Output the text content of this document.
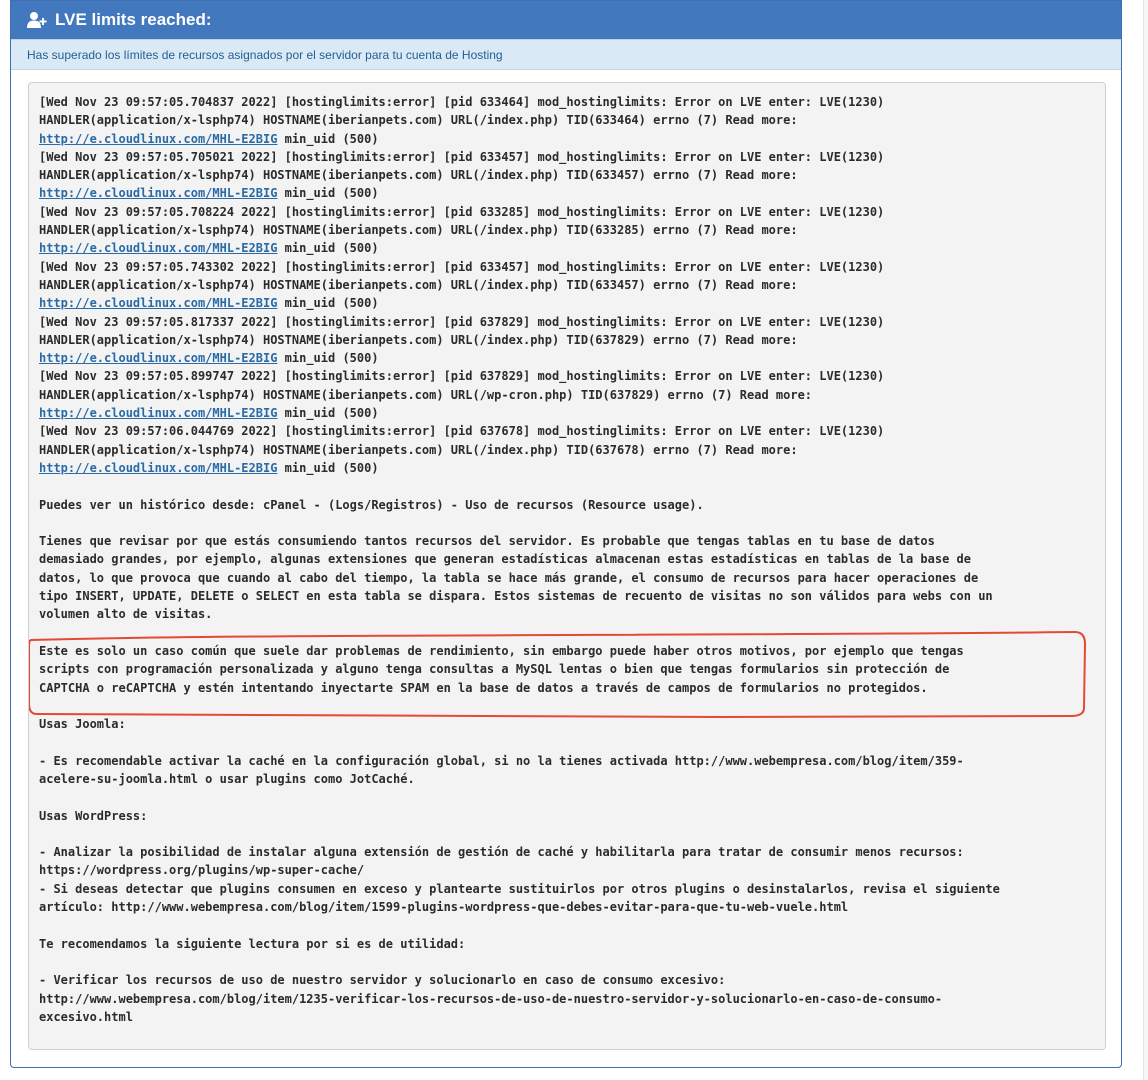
LVE limits reached:
Has superado los límites de recursos asignados por el servidor para tu cuenta de Hosting
[Wed Nov 23 09:57:05.704837 2022] [hostinglimits:error] [pid 633464] mod_hostinglimits: Error on LVE enter: LVE(1230)
HANDLER(application/x-lsphp74) HOSTNAME(iberianpets.com) URL(/index.php) TID(633464) errno (7) Read more:
http://e.cloudlinux.com/MHL-E2BIG min_uid (500)
[Wed Nov 23 09:57:05.705021 2022] [hostinglimits:error] [pid 633457] mod_hostinglimits: Error on LVE enter: LVE(1230)
HANDLER(application/x-lsphp74) HOSTNAME(iberianpets.com) URL(/index.php) TID(633457) errno (7) Read more:
http://e.cloudlinux.com/MHL-E2BIG min_uid (500)
[Wed Nov 23 09:57:05.708224 2022] [hostinglimits:error] [pid 633285] mod_hostinglimits: Error on LVE enter: LVE(1230)
HANDLER(application/x-lsphp74) HOSTNAME(iberianpets.com) URL(/index.php) TID(633285) errno (7) Read more:
http://e.cloudlinux.com/MHL-E2BIG min_uid (500)
[Wed Nov 23 09:57:05.743302 2022] [hostinglimits:error] [pid 633457] mod_hostinglimits: Error on LVE enter: LVE(1230)
HANDLER(application/x-lsphp74) HOSTNAME(iberianpets.com) URL(/index.php) TID(633457) errno (7) Read more:
http://e.cloudlinux.com/MHL-E2BIG min_uid (500)
[Wed Nov 23 09:57:05.817337 2022] [hostinglimits:error] [pid 637829] mod_hostinglimits: Error on LVE enter: LVE(1230)
HANDLER(application/x-lsphp74) HOSTNAME(iberianpets.com) URL(/index.php) TID(637829) errno (7) Read more:
http://e.cloudlinux.com/MHL-E2BIG min_uid (500)
[Wed Nov 23 09:57:05.899747 2022] [hostinglimits:error] [pid 637829] mod_hostinglimits: Error on LVE enter: LVE(1230)
HANDLER(application/x-lsphp74) HOSTNAME(iberianpets.com) URL(/wp-cron.php) TID(637829) errno (7) Read more:
http://e.cloudlinux.com/MHL-E2BIG min_uid (500)
[Wed Nov 23 09:57:06.044769 2022] [hostinglimits:error] [pid 637678] mod_hostinglimits: Error on LVE enter: LVE(1230)
HANDLER(application/x-lsphp74) HOSTNAME(iberianpets.com) URL(/index.php) TID(637678) errno (7) Read more:
http://e.cloudlinux.com/MHL-E2BIG min_uid (500)

Puedes ver un histórico desde: cPanel - (Logs/Registros) - Uso de recursos (Resource usage).

Tienes que revisar por que estás consumiendo tantos recursos del servidor. Es probable que tengas tablas en tu base de datos
demasiado grandes, por ejemplo, algunas extensiones que generan estadísticas almacenan estas estadísticas en tablas de la base de
datos, lo que provoca que cuando al cabo del tiempo, la tabla se hace más grande, el consumo de recursos para hacer operaciones de
tipo INSERT, UPDATE, DELETE o SELECT en esta tabla se dispara. Estos sistemas de recuento de visitas no son válidos para webs con un
volumen alto de visitas.

Este es solo un caso común que suele dar problemas de rendimiento, sin embargo puede haber otros motivos, por ejemplo que tengas
scripts con programación personalizada y alguno tenga consultas a MySQL lentas o bien que tengas formularios sin protección de
CAPTCHA o reCAPTCHA y estén intentando inyectarte SPAM en la base de datos a través de campos de formularios no protegidos.

Usas Joomla:

- Es recomendable activar la caché en la configuración global, si no la tienes activada http://www.webempresa.com/blog/item/359-
acelere-su-joomla.html o usar plugins como JotCaché.

Usas WordPress:

- Analizar la posibilidad de instalar alguna extensión de gestión de caché y habilitarla para tratar de consumir menos recursos:
https://wordpress.org/plugins/wp-super-cache/
- Si deseas detectar que plugins consumen en exceso y plantearte sustituirlos por otros plugins o desinstalarlos, revisa el siguiente
artículo: http://www.webempresa.com/blog/item/1599-plugins-wordpress-que-debes-evitar-para-que-tu-web-vuele.html

Te recomendamos la siguiente lectura por si es de utilidad:

- Verificar los recursos de uso de nuestro servidor y solucionarlo en caso de consumo excesivo:
http://www.webempresa.com/blog/item/1235-verificar-los-recursos-de-uso-de-nuestro-servidor-y-solucionarlo-en-caso-de-consumo-
excesivo.html
